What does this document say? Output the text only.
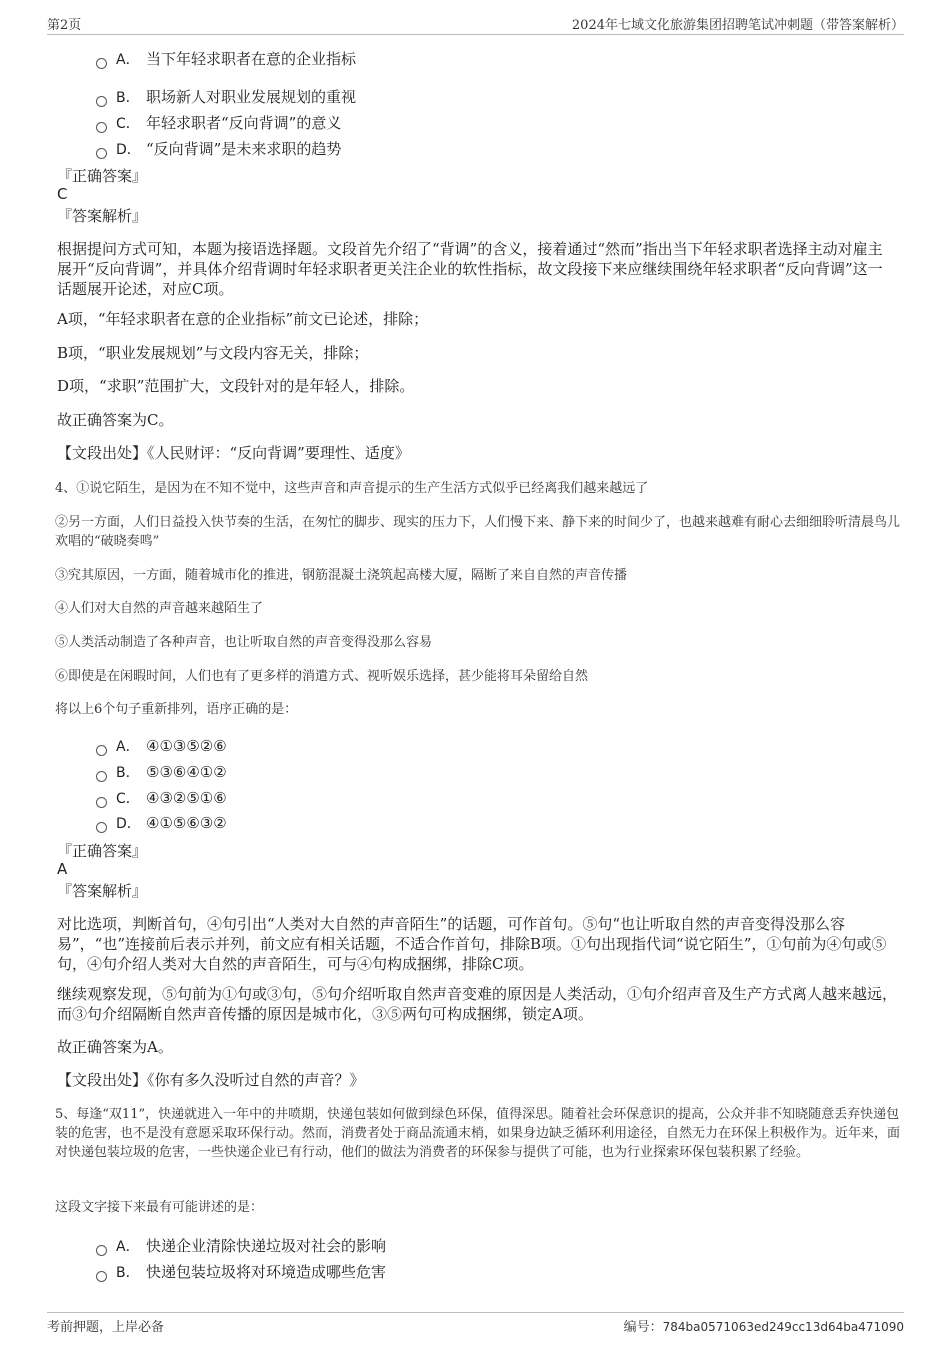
第2页	2024年七域文化旅游集团招聘笔试冲刺题（带答案解析）
A． 当下年轻求职者在意的企业指标
B． 职场新人对职业发展规划的重视
C． 年轻求职者“反向背调”的意义
D． “反向背调”是未来求职的趋势
『正确答案』
C
『答案解析』
根据提问方式可知，本题为接语选择题。文段首先介绍了“背调”的含义，接着通过“然而”指出当下年轻求职者选择主动对雇主展开“反向背调”，并具体介绍背调时年轻求职者更关注企业的软性指标，故文段接下来应继续围绕年轻求职者“反向背调”这一话题展开论述，对应C项。
A项，“年轻求职者在意的企业指标”前文已论述，排除；
B项，“职业发展规划”与文段内容无关，排除；
D项，“求职”范围扩大，文段针对的是年轻人，排除。
故正确答案为C。
【文段出处】《人民财评：“反向背调”要理性、适度》
4、①说它陌生，是因为在不知不觉中，这些声音和声音提示的生产生活方式似乎已经离我们越来越远了
②另一方面，人们日益投入快节奏的生活，在匆忙的脚步、现实的压力下，人们慢下来、静下来的时间少了，也越来越难有耐心去细细聆听清晨鸟儿欢唱的“破晓奏鸣”
③究其原因，一方面，随着城市化的推进，钢筋混凝土浇筑起高楼大厦，隔断了来自自然的声音传播
④人们对大自然的声音越来越陌生了
⑤人类活动制造了各种声音，也让听取自然的声音变得没那么容易
⑥即使是在闲暇时间，人们也有了更多样的消遣方式、视听娱乐选择，甚少能将耳朵留给自然
将以上6个句子重新排列，语序正确的是：
A． ④①③⑤②⑥
B． ⑤③⑥④①②
C． ④③②⑤①⑥
D． ④①⑤⑥③②
『正确答案』
A
『答案解析』
对比选项，判断首句，④句引出“人类对大自然的声音陌生”的话题，可作首句。⑤句“也让听取自然的声音变得没那么容易”，“也”连接前后表示并列，前文应有相关话题，不适合作首句，排除B项。①句出现指代词“说它陌生”，①句前为④句或⑤句，④句介绍人类对大自然的声音陌生，可与④句构成捆绑，排除C项。
继续观察发现，⑤句前为①句或③句，⑤句介绍听取自然声音变难的原因是人类活动，①句介绍声音及生产方式离人越来越远，而③句介绍隔断自然声音传播的原因是城市化，③⑤两句可构成捆绑，锁定A项。
故正确答案为A。
【文段出处】《你有多久没听过自然的声音？》
5、每逢“双11”，快递就进入一年中的井喷期，快递包装如何做到绿色环保，值得深思。随着社会环保意识的提高，公众并非不知晓随意丢弃快递包装的危害，也不是没有意愿采取环保行动。然而，消费者处于商品流通末梢，如果身边缺乏循环利用途径，自然无力在环保上积极作为。近年来，面对快递包装垃圾的危害，一些快递企业已有行动，他们的做法为消费者的环保参与提供了可能，也为行业探索环保包装积累了经验。
这段文字接下来最有可能讲述的是：
A． 快递企业清除快递垃圾对社会的影响
B． 快递包装垃圾将对环境造成哪些危害
考前押题，上岸必备	编号：784ba0571063ed249cc13d64ba471090
